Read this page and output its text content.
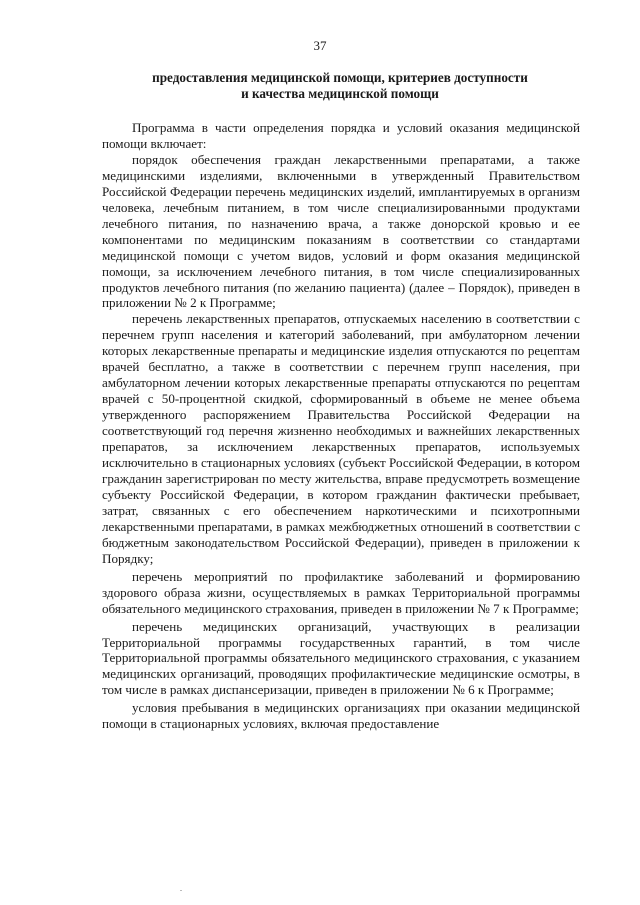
37
предоставления медицинской помощи, критериев доступности
и качества медицинской помощи

Программа в части определения порядка и условий оказания медицинской помощи включает:

порядок обеспечения граждан лекарственными препаратами, а также медицинскими изделиями, включенными в утвержденный Правительством Российской Федерации перечень медицинских изделий, имплантируемых в организм человека, лечебным питанием, в том числе специализированными продуктами лечебного питания, по назначению врача, а также донорской кровью и ее компонентами по медицинским показаниям в соответствии со стандартами медицинской помощи с учетом видов, условий и форм оказания медицинской помощи, за исключением лечебного питания, в том числе специализированных продуктов лечебного питания (по желанию пациента) (далее – Порядок), приведен в приложении № 2 к Программе;

перечень лекарственных препаратов, отпускаемых населению в соответствии с перечнем групп населения и категорий заболеваний, при амбулаторном лечении которых лекарственные препараты и медицинские изделия отпускаются по рецептам врачей бесплатно, а также в соответствии с перечнем групп населения, при амбулаторном лечении которых лекарственные препараты отпускаются по рецептам врачей с 50-процентной скидкой, сформированный в объеме не менее объема утвержденного распоряжением Правительства Российской Федерации на соответствующий год перечня жизненно необходимых и важнейших лекарственных препаратов, за исключением лекарственных препаратов, используемых исключительно в стационарных условиях (субъект Российской Федерации, в котором гражданин зарегистрирован по месту жительства, вправе предусмотреть возмещение субъекту Российской Федерации, в котором гражданин фактически пребывает, затрат, связанных с его обеспечением наркотическими и психотропными лекарственными препаратами, в рамках межбюджетных отношений в соответствии с бюджетным законодательством Российской Федерации), приведен в приложении к Порядку;

перечень мероприятий по профилактике заболеваний и формированию здорового образа жизни, осуществляемых в рамках Территориальной программы обязательного медицинского страхования, приведен в приложении № 7 к Программе;

перечень медицинских организаций, участвующих в реализации Территориальной программы государственных гарантий, в том числе Территориальной программы обязательного медицинского страхования, с указанием медицинских организаций, проводящих профилактические медицинские осмотры, в том числе в рамках диспансеризации, приведен в приложении № 6 к Программе;

условия пребывания в медицинских организациях при оказании медицинской помощи в стационарных условиях, включая предоставление
